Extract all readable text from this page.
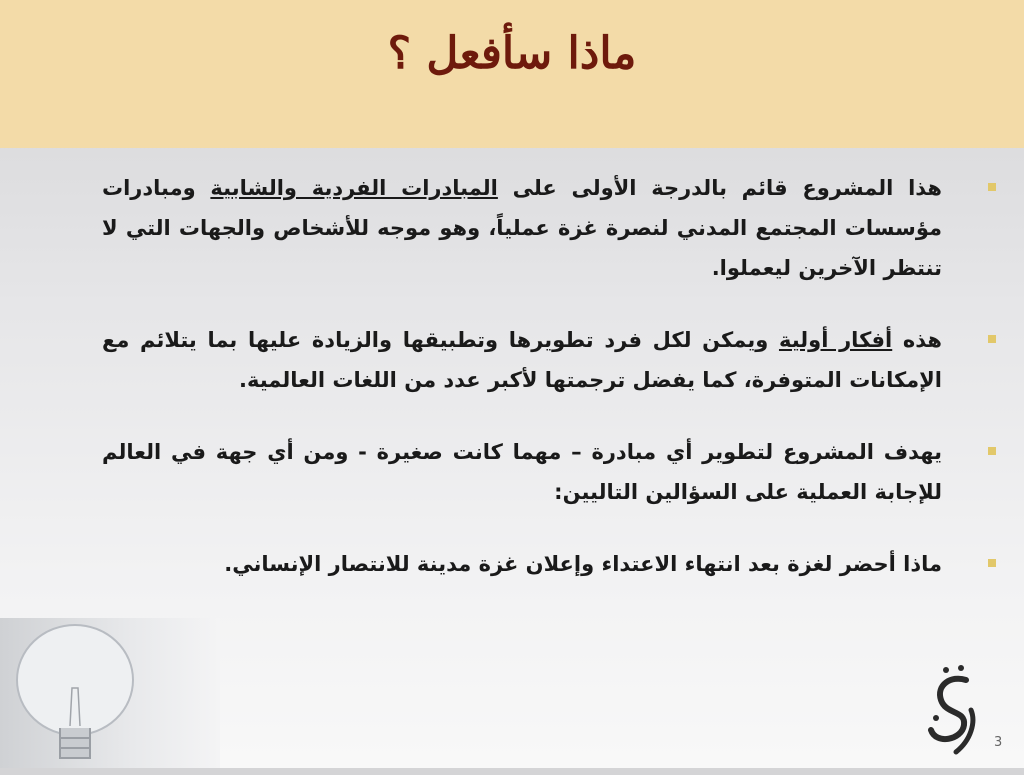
ماذا سأفعل ؟
هذا المشروع قائم بالدرجة الأولى على المبادرات الفردية والشابية ومبادرات مؤسسات المجتمع المدني لنصرة غزة عملياً، وهو موجه للأشخاص والجهات التي لا تنتظر الآخرين ليعملوا.
هذه أفكار أولية ويمكن لكل فرد تطويرها وتطبيقها والزيادة عليها بما يتلائم مع الإمكانات المتوفرة، كما يفضل ترجمتها لأكبر عدد من اللغات العالمية.
يهدف المشروع لتطوير أي مبادرة – مهما كانت صغيرة - ومن أي جهة في العالم للإجابة العملية على السؤالين التاليين:
ماذا أحضر لغزة بعد انتهاء الاعتداء وإعلان غزة مدينة للانتصار الإنساني.
3
